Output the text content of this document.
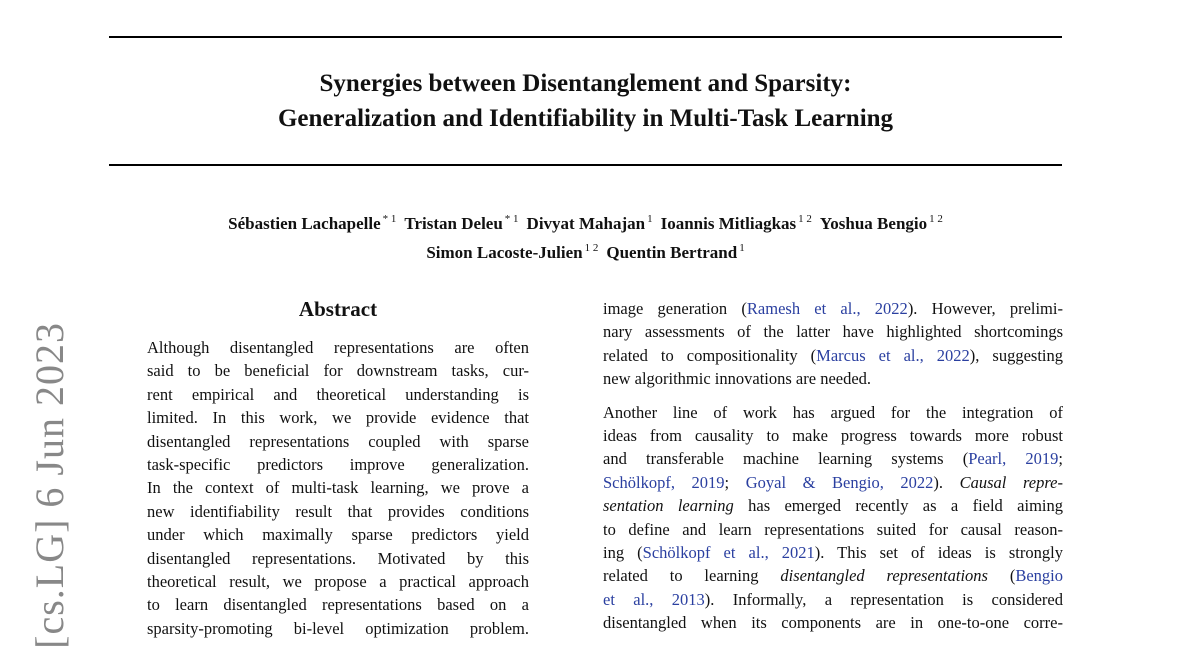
Synergies between Disentanglement and Sparsity:
Generalization and Identifiability in Multi-Task Learning
Sébastien Lachapelle $^{* 1}$ Tristan Deleu $^{* 1}$ Divyat Mahajan $^1$ Ioannis Mitliagkas $^{1 2}$ Yoshua Bengio $^{1 2}$
Simon Lacoste-Julien $^{1 2}$ Quentin Bertrand $^1$
[cs.LG] 6 Jun 2023
Abstract
Although disentangled representations are often
said to be beneficial for downstream tasks, cur-
rent empirical and theoretical understanding is
limited. In this work, we provide evidence that
disentangled representations coupled with sparse
task-specific predictors improve generalization.
In the context of multi-task learning, we prove a
new identifiability result that provides conditions
under which maximally sparse predictors yield
disentangled representations. Motivated by this
theoretical result, we propose a practical approach
to learn disentangled representations based on a
sparsity-promoting bi-level optimization problem.
image generation (Ramesh et al., 2022). However, prelimi-
nary assessments of the latter have highlighted shortcomings
related to compositionality (Marcus et al., 2022), suggesting
new algorithmic innovations are needed.
Another line of work has argued for the integration of
ideas from causality to make progress towards more robust
and transferable machine learning systems (Pearl, 2019;
Schölkopf, 2019; Goyal & Bengio, 2022). Causal repre-
sentation learning has emerged recently as a field aiming
to define and learn representations suited for causal reason-
ing (Schölkopf et al., 2021). This set of ideas is strongly
related to learning disentangled representations (Bengio
et al., 2013). Informally, a representation is considered
disentangled when its components are in one-to-one corre-
